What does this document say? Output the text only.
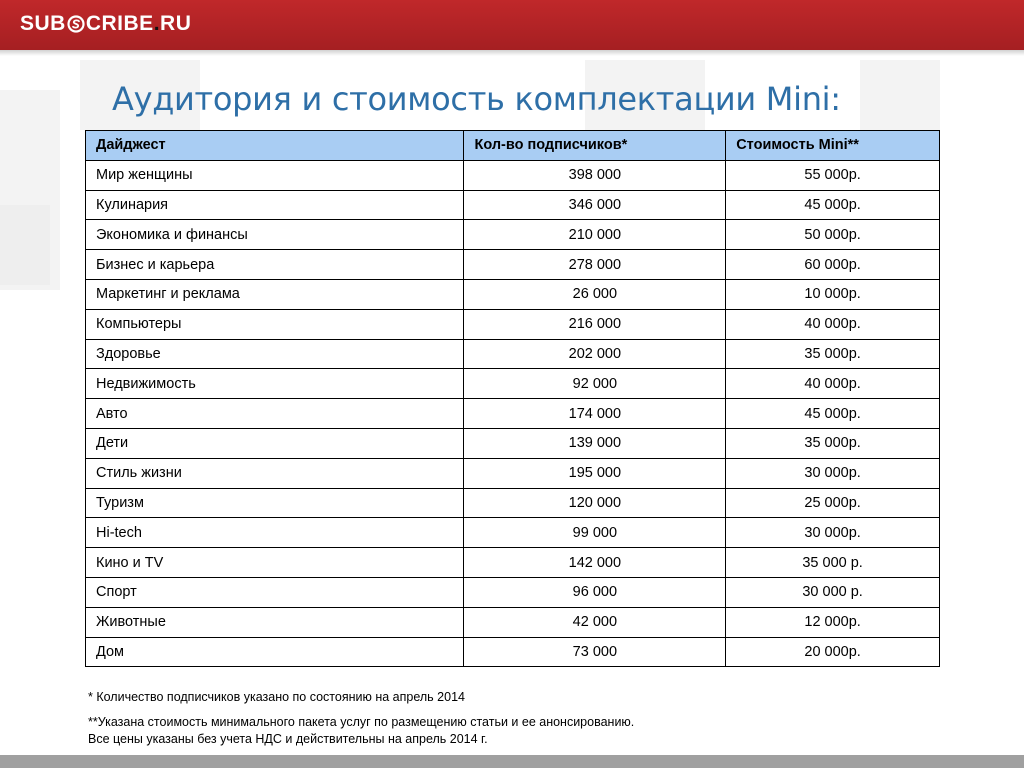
SUB CRIBE . RU
Аудитория и стоимость комплектации Mini:
Дайджест	Кол-во подписчиков*	Стоимость Mini**
Мир женщины	398 000	55 000р.
Кулинария	346 000	45 000р.
Экономика и финансы	210 000	50 000р.
Бизнес и карьера	278 000	60 000р.
Маркетинг и реклама	26 000	10 000р.
Компьютеры	216 000	40 000р.
Здоровье	202 000	35 000р.
Недвижимость	92 000	40 000р.
Авто	174 000	45 000р.
Дети	139 000	35 000р.
Стиль жизни	195 000	30 000р.
Туризм	120 000	25 000р.
Hi-tech	99 000	30 000р.
Кино и TV	142 000	35 000 р.
Спорт	96 000	30 000 р.
Животные	42 000	12 000р.
Дом	73 000	20 000р.
* Количество подписчиков указано по состоянию на апрель 2014
**Указана стоимость минимального пакета услуг по размещению статьи и ее анонсированию.
Все цены указаны без учета НДС и действительны на апрель 2014 г.
